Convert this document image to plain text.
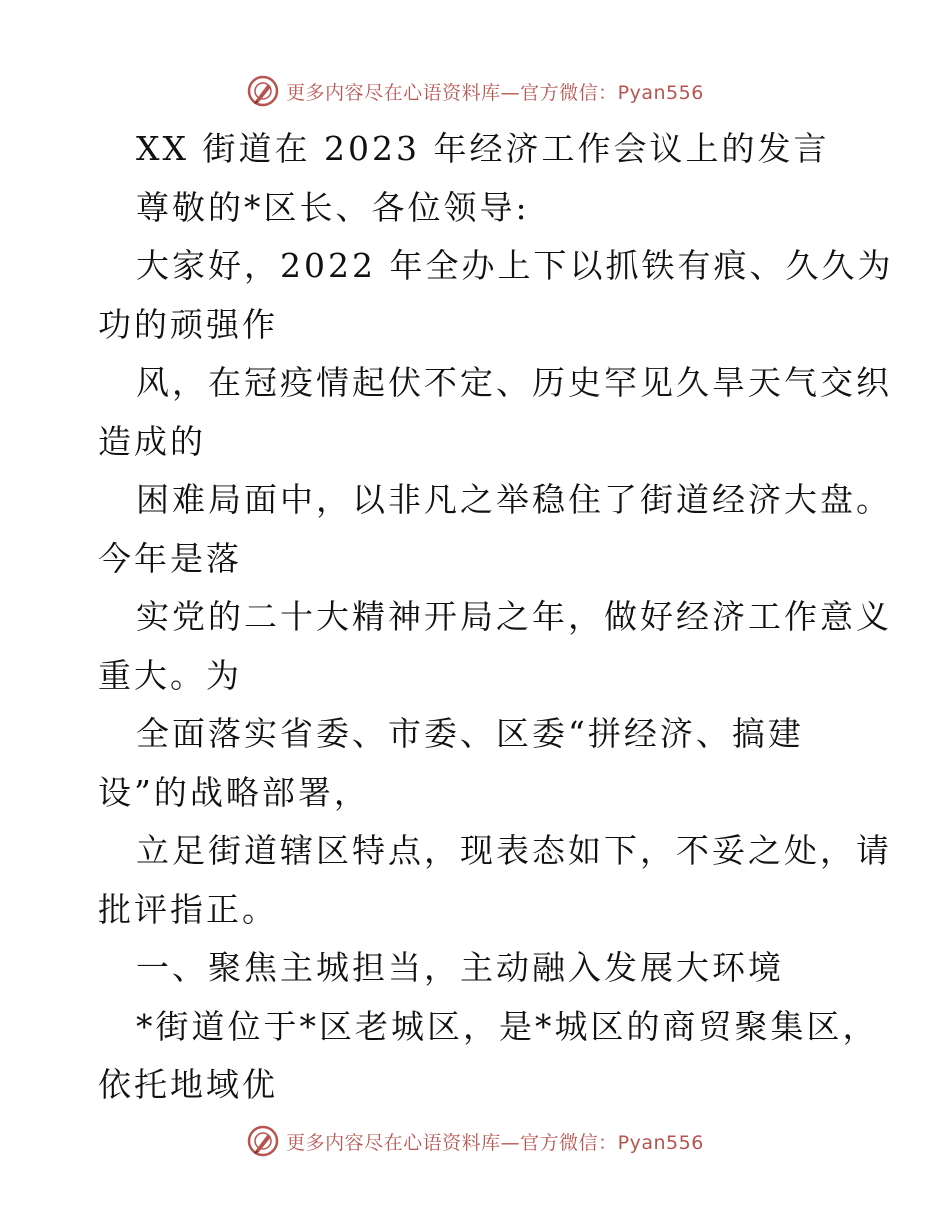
更多内容尽在心语资料库—官方微信：Pyan556
XX 街道在 2023 年经济工作会议上的发言
尊敬的*区长、各位领导:
大家好，2022 年全办上下以抓铁有痕、久久为
功的顽强作
风，在冠疫情起伏不定、历史罕见久旱天气交织
造成的
困难局面中，以非凡之举稳住了街道经济大盘。
今年是落
实党的二十大精神开局之年，做好经济工作意义
重大。为
全面落实省委、市委、区委“拼经济、搞建
设”的战略部署，
立足街道辖区特点，现表态如下，不妥之处，请
批评指正。
一、聚焦主城担当，主动融入发展大环境
*街道位于*区老城区，是*城区的商贸聚集区，
依托地域优
更多内容尽在心语资料库—官方微信：Pyan556
